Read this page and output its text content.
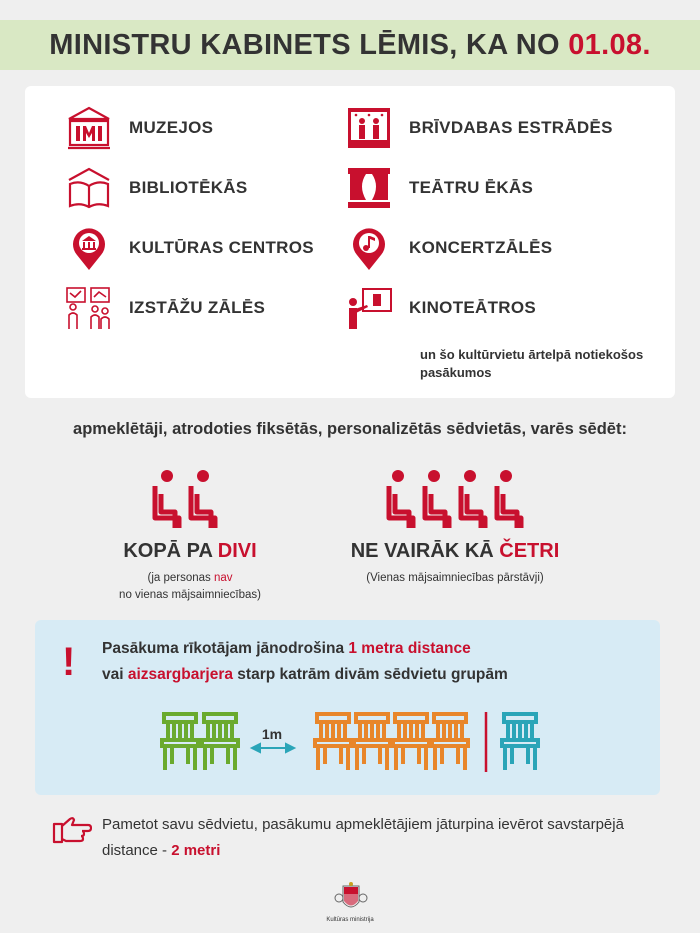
MINISTRU KABINETS LĒMIS, KA NO 01.08.
MUZEJOS
BIBLIOTĒKĀS
KULTŪRAS CENTROS
IZSTĀŽU ZĀLĒS
BRĪVDABAS ESTRĀDĒS
TEĀTRU ĒKĀS
KONCERTZĀLĒS
KINOTEĀTROS
un šo kultūrvietu ārtelpā notiekošos pasākumos
apmeklētāji, atrodoties fiksētās, personalizētās sēdvietās, varēs sēdēt:
KOPĀ PA DIVI
(ja personas nav
no vienas mājsaimniecības)
NE VAIRĀK KĀ ČETRI
(Vienas mājsaimniecības pārstāvji)
! Pasākuma rīkotājam jānodrošina 1 metra distance
vai aizsargbarjera starp katrām divām sēdvietu grupām
1m
Pametot savu sēdvietu, pasākumu apmeklētājiem jāturpina ievērot savstarpējā distance - 2 metri
Kultūras ministrija
